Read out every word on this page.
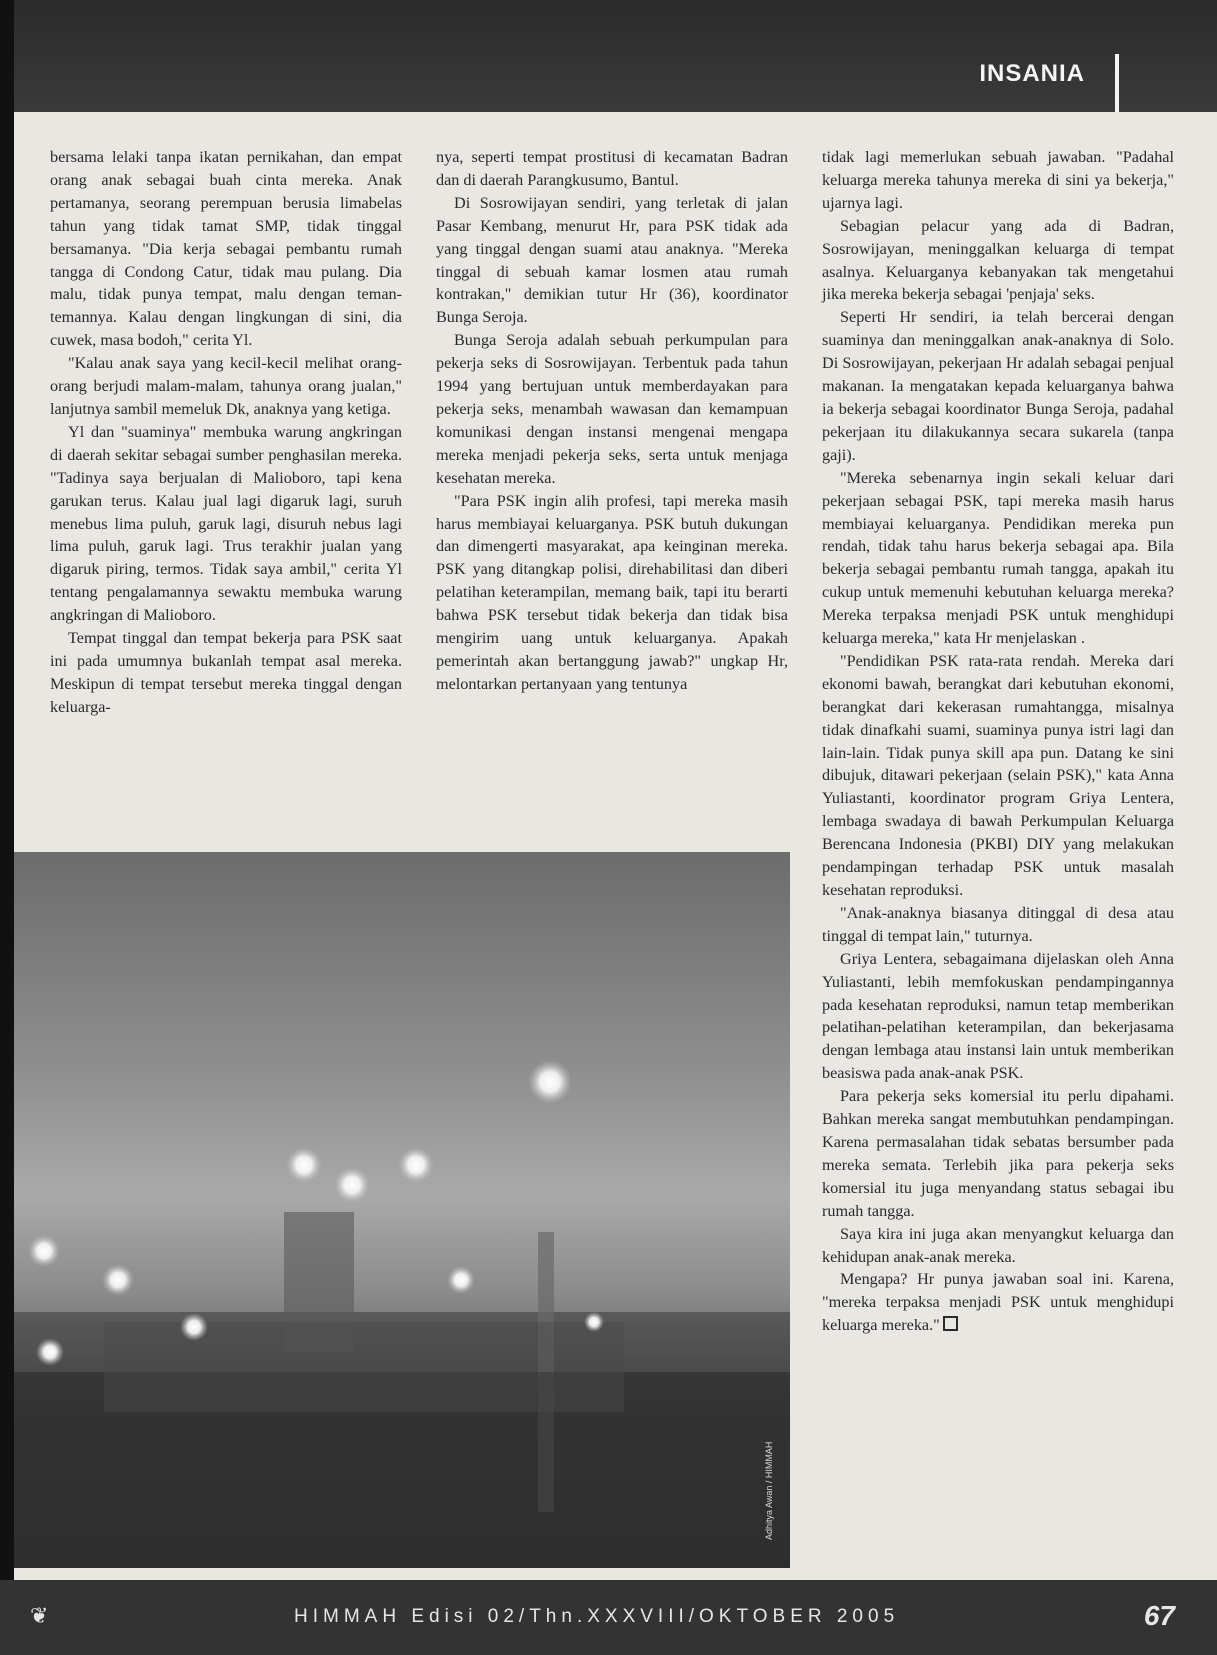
INSANIA

bersama lelaki tanpa ikatan pernikahan, dan empat orang anak sebagai buah cinta mereka. Anak pertamanya, seorang perempuan berusia limabelas tahun yang tidak tamat SMP, tidak tinggal bersamanya. "Dia kerja sebagai pembantu rumah tangga di Condong Catur, tidak mau pulang. Dia malu, tidak punya tempat, malu dengan teman-temannya. Kalau dengan lingkungan di sini, dia cuwek, masa bodoh," cerita Yl.

"Kalau anak saya yang kecil-kecil melihat orang-orang berjudi malam-malam, tahunya orang jualan," lanjutnya sambil memeluk Dk, anaknya yang ketiga.

Yl dan "suaminya" membuka warung angkringan di daerah sekitar sebagai sumber penghasilan mereka. "Tadinya saya berjualan di Malioboro, tapi kena garukan terus. Kalau jual lagi digaruk lagi, suruh menebus lima puluh, garuk lagi, disuruh nebus lagi lima puluh, garuk lagi. Trus terakhir jualan yang digaruk piring, termos. Tidak saya ambil," cerita Yl tentang pengalamannya sewaktu membuka warung angkringan di Malioboro.

Tempat tinggal dan tempat bekerja para PSK saat ini pada umumnya bukanlah tempat asal mereka. Meskipun di tempat tersebut mereka tinggal dengan keluarga-

nya, seperti tempat prostitusi di kecamatan Badran dan di daerah Parangkusumo, Bantul.

Di Sosrowijayan sendiri, yang terletak di jalan Pasar Kembang, menurut Hr, para PSK tidak ada yang tinggal dengan suami atau anaknya. "Mereka tinggal di sebuah kamar losmen atau rumah kontrakan," demikian tutur Hr (36), koordinator Bunga Seroja.

Bunga Seroja adalah sebuah perkumpulan para pekerja seks di Sosrowijayan. Terbentuk pada tahun 1994 yang bertujuan untuk memberdayakan para pekerja seks, menambah wawasan dan kemampuan komunikasi dengan instansi mengenai mengapa mereka menjadi pekerja seks, serta untuk menjaga kesehatan mereka.

"Para PSK ingin alih profesi, tapi mereka masih harus membiayai keluarganya. PSK butuh dukungan dan dimengerti masyarakat, apa keinginan mereka. PSK yang ditangkap polisi, direhabilitasi dan diberi pelatihan keterampilan, memang baik, tapi itu berarti bahwa PSK tersebut tidak bekerja dan tidak bisa mengirim uang untuk keluarganya. Apakah pemerintah akan bertanggung jawab?" ungkap Hr, melontarkan pertanyaan yang tentunya

tidak lagi memerlukan sebuah jawaban. "Padahal keluarga mereka tahunya mereka di sini ya bekerja," ujarnya lagi.

Sebagian pelacur yang ada di Badran, Sosrowijayan, meninggalkan keluarga di tempat asalnya. Keluarganya kebanyakan tak mengetahui jika mereka bekerja sebagai 'penjaja' seks.

Seperti Hr sendiri, ia telah bercerai dengan suaminya dan meninggalkan anak-anaknya di Solo. Di Sosrowijayan, pekerjaan Hr adalah sebagai penjual makanan. Ia mengatakan kepada keluarganya bahwa ia bekerja sebagai koordinator Bunga Seroja, padahal pekerjaan itu dilakukannya secara sukarela (tanpa gaji).

"Mereka sebenarnya ingin sekali keluar dari pekerjaan sebagai PSK, tapi mereka masih harus membiayai keluarganya. Pendidikan mereka pun rendah, tidak tahu harus bekerja sebagai apa. Bila bekerja sebagai pembantu rumah tangga, apakah itu cukup untuk memenuhi kebutuhan keluarga mereka? Mereka terpaksa menjadi PSK untuk menghidupi keluarga mereka," kata Hr menjelaskan .

"Pendidikan PSK rata-rata rendah. Mereka dari ekonomi bawah, berangkat dari kebutuhan ekonomi, berangkat dari kekerasan rumahtangga, misalnya tidak dinafkahi suami, suaminya punya istri lagi dan lain-lain. Tidak punya skill apa pun. Datang ke sini dibujuk, ditawari pekerjaan (selain PSK)," kata Anna Yuliastanti, koordinator program Griya Lentera, lembaga swadaya di bawah Perkumpulan Keluarga Berencana Indonesia (PKBI) DIY yang melakukan pendampingan terhadap PSK untuk masalah kesehatan reproduksi.

"Anak-anaknya biasanya ditinggal di desa atau tinggal di tempat lain," tuturnya.

Griya Lentera, sebagaimana dijelaskan oleh Anna Yuliastanti, lebih memfokuskan pendampingannya pada kesehatan reproduksi, namun tetap memberikan pelatihan-pelatihan keterampilan, dan bekerjasama dengan lembaga atau instansi lain untuk memberikan beasiswa pada anak-anak PSK.

Para pekerja seks komersial itu perlu dipahami. Bahkan mereka sangat membutuhkan pendampingan. Karena permasalahan tidak sebatas bersumber pada mereka semata. Terlebih jika para pekerja seks komersial itu juga menyandang status sebagai ibu rumah tangga.

Saya kira ini juga akan menyangkut keluarga dan kehidupan anak-anak mereka.

Mengapa? Hr punya jawaban soal ini. Karena, "mereka terpaksa menjadi PSK untuk menghidupi keluarga mereka."

Adhitya Awan / HIMMAH
❦	HIMMAH Edisi 02/Thn.XXXVIII/OKTOBER 2005	67
